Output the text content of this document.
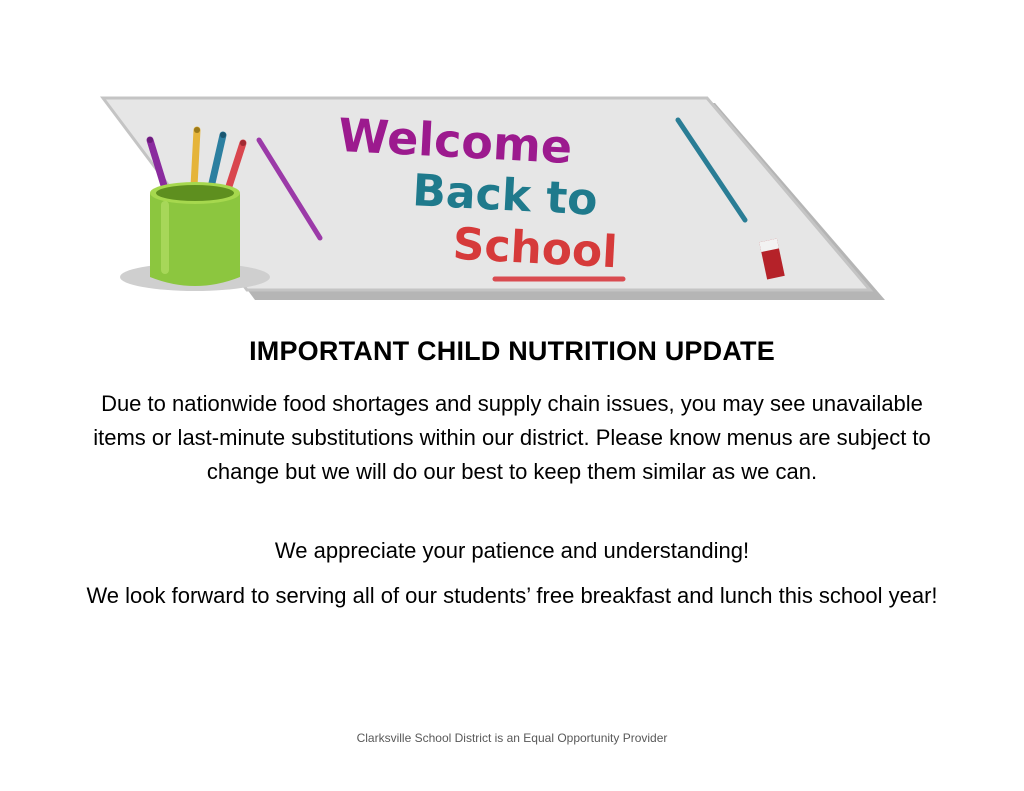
Welcome
Back to
School
IMPORTANT CHILD NUTRITION UPDATE

Due to nationwide food shortages and supply chain issues, you may see unavailable items or last-minute substitutions within our district. Please know menus are subject to change but we will do our best to keep them similar as we can.

We appreciate your patience and understanding!

We look forward to serving all of our students’ free breakfast and lunch this school year!

Clarksville School District is an Equal Opportunity Provider
